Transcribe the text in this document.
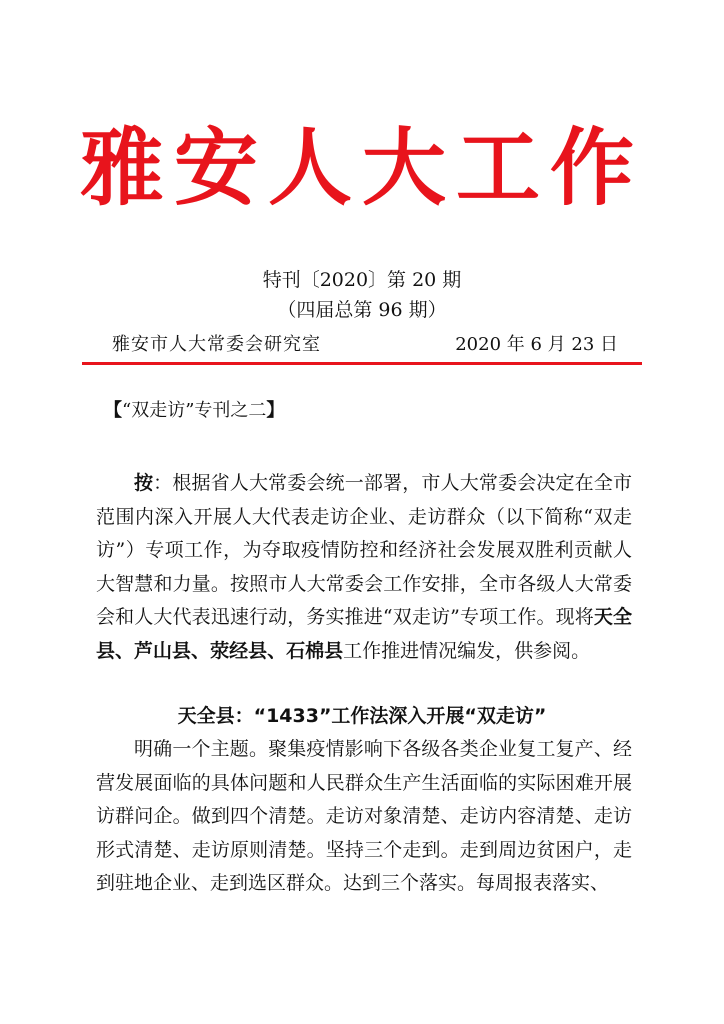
雅安人大工作
特刊〔2020〕第 20 期
（四届总第 96 期）
雅安市人大常委会研究室	2020 年 6 月 23 日
【“双走访”专刊之二】

按：根据省人大常委会统一部署，市人大常委会决定在全市范围内深入开展人大代表走访企业、走访群众（以下简称“双走访”）专项工作，为夺取疫情防控和经济社会发展双胜利贡献人大智慧和力量。按照市人大常委会工作安排，全市各级人大常委会和人大代表迅速行动，务实推进“双走访”专项工作。现将天全县、芦山县、荥经县、石棉县工作推进情况编发，供参阅。

天全县：“1433”工作法深入开展“双走访”

明确一个主题。聚集疫情影响下各级各类企业复工复产、经营发展面临的具体问题和人民群众生产生活面临的实际困难开展访群问企。做到四个清楚。走访对象清楚、走访内容清楚、走访形式清楚、走访原则清楚。坚持三个走到。走到周边贫困户，走到驻地企业、走到选区群众。达到三个落实。每周报表落实、
